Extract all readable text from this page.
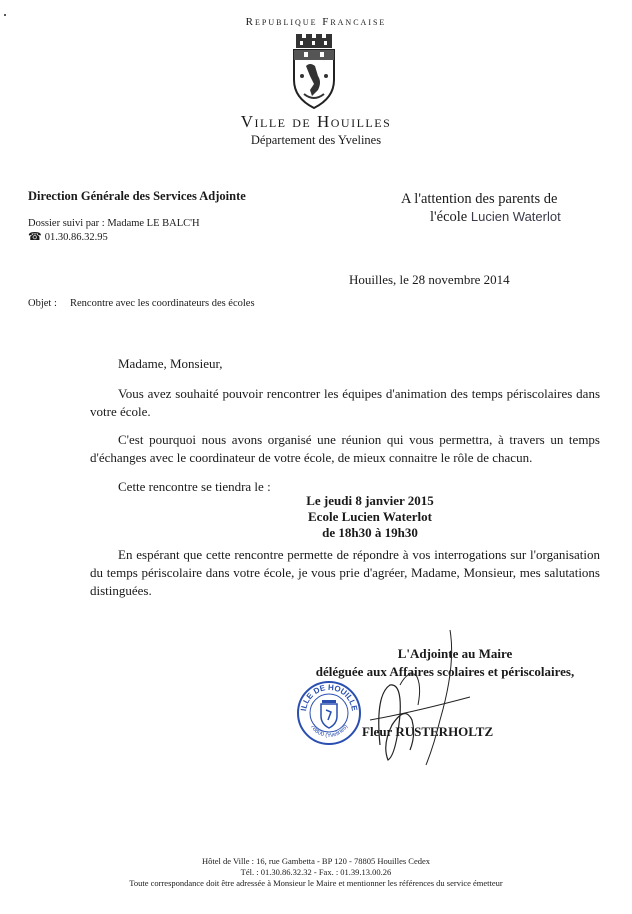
Republique Francaise
Ville de Houilles
Département des Yvelines
Direction Générale des Services Adjointe
Dossier suivi par : Madame LE BALC'H
☎ 01.30.86.32.95
A l'attention des parents de
l'école Lucien Waterlot
Houilles, le 28 novembre 2014
Objet : Rencontre avec les coordinateurs des écoles
Madame, Monsieur,
Vous avez souhaité pouvoir rencontrer les équipes d'animation des temps périscolaires dans votre école.
C'est pourquoi nous avons organisé une réunion qui vous permettra, à travers un temps d'échanges avec le coordinateur de votre école, de mieux connaitre le rôle de chacun.
Cette rencontre se tiendra le :
Le jeudi 8 janvier 2015
Ecole Lucien Waterlot
de 18h30 à 19h30
En espérant que cette rencontre permette de répondre à vos interrogations sur l'organisation du temps périscolaire dans votre école, je vous prie d'agréer, Madame, Monsieur, mes salutations distinguées.
L'Adjointe au Maire
déléguée aux Affaires scolaires et périscolaires,
ILLE DE HOUILLE
78800 (Yvelines) Fleur RUSTERHOLTZ
Hôtel de Ville : 16, rue Gambetta - BP 120 - 78805 Houilles Cedex
Tél. : 01.30.86.32.32 - Fax. : 01.39.13.00.26
Toute correspondance doit être adressée à Monsieur le Maire et mentionner les références du service émetteur
